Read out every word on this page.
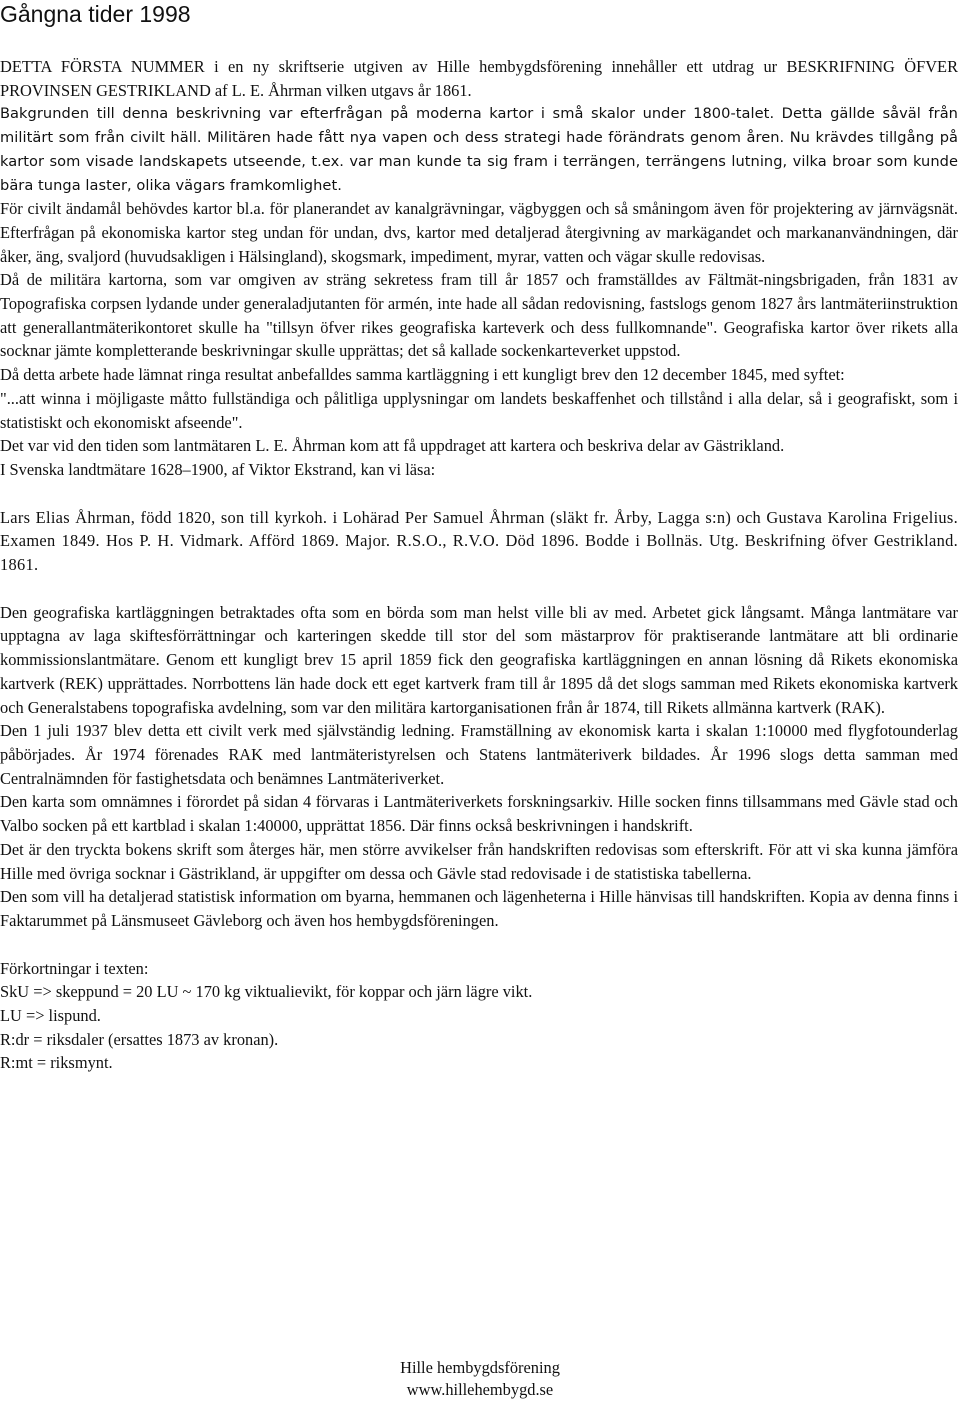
Gångna tider 1998

DETTA FÖRSTA NUMMER i en ny skriftserie utgiven av Hille hembygdsförening innehåller ett utdrag ur BESKRIFNING ÖFVER PROVINSEN GESTRIKLAND af L. E. Åhrman vilken utgavs år 1861.

Bakgrunden till denna beskrivning var efterfrågan på moderna kartor i små skalor under 1800-talet. Detta gällde såväl från militärt som från civilt häll. Militären hade fått nya vapen och dess strategi hade förändrats genom åren. Nu krävdes tillgång på kartor som visade landskapets utseende, t.ex. var man kunde ta sig fram i terrängen, terrängens lutning, vilka broar som kunde bära tunga laster, olika vägars framkomlighet.

För civilt ändamål behövdes kartor bl.a. för planerandet av kanalgrävningar, vägbyggen och så småningom även för projektering av järnvägsnät. Efterfrågan på ekonomiska kartor steg undan för undan, dvs, kartor med detaljerad återgivning av markägandet och markananvändningen, där åker, äng, svaljord (huvudsakligen i Hälsingland), skogsmark, impediment, myrar, vatten och vägar skulle redovisas.

Då de militära kartorna, som var omgiven av sträng sekretess fram till år 1857 och framställdes av Fältmät-ningsbrigaden, från 1831 av Topografiska corpsen lydande under generaladjutanten för armén, inte hade all sådan redovisning, fastslogs genom 1827 års lantmäteriinstruktion att generallantmäterikontoret skulle ha "tillsyn öfver rikes geografiska karteverk och dess fullkomnande". Geografiska kartor över rikets alla socknar jämte kompletterande beskrivningar skulle upprättas; det så kallade sockenkarteverket uppstod.

Då detta arbete hade lämnat ringa resultat anbefalldes samma kartläggning i ett kungligt brev den 12 december 1845, med syftet:

"...att winna i möjligaste måtto fullständiga och pålitliga upplysningar om landets beskaffenhet och tillstånd i alla delar, så i geografiskt, som i statistiskt och ekonomiskt afseende".

Det var vid den tiden som lantmätaren L. E. Åhrman kom att få uppdraget att kartera och beskriva delar av Gästrikland.

I Svenska landtmätare 1628–1900, af Viktor Ekstrand, kan vi läsa:

Lars Elias Åhrman, född 1820, son till kyrkoh. i Lohärad Per Samuel Åhrman (släkt fr. Årby, Lagga s:n) och Gustava Karolina Frigelius. Examen 1849. Hos P. H. Vidmark. Afförd 1869. Major. R.S.O., R.V.O. Död 1896. Bodde i Bollnäs. Utg. Beskrifning öfver Gestrikland. 1861.

Den geografiska kartläggningen betraktades ofta som en börda som man helst ville bli av med. Arbetet gick långsamt. Många lantmätare var upptagna av laga skiftesförrättningar och karteringen skedde till stor del som mästarprov för praktiserande lantmätare att bli ordinarie kommissionslantmätare. Genom ett kungligt brev 15 april 1859 fick den geografiska kartläggningen en annan lösning då Rikets ekonomiska kartverk (REK) upprättades. Norrbottens län hade dock ett eget kartverk fram till år 1895 då det slogs samman med Rikets ekonomiska kartverk och Generalstabens topografiska avdelning, som var den militära kartorganisationen från år 1874, till Rikets allmänna kartverk (RAK).

Den 1 juli 1937 blev detta ett civilt verk med självständig ledning. Framställning av ekonomisk karta i skalan 1:10000 med flygfotounderlag påbörjades. År 1974 förenades RAK med lantmäteristyrelsen och Statens lantmäteriverk bildades. År 1996 slogs detta samman med Centralnämnden för fastighetsdata och benämnes Lantmäteriverket.

Den karta som omnämnes i förordet på sidan 4 förvaras i Lantmäteriverkets forskningsarkiv. Hille socken finns tillsammans med Gävle stad och Valbo socken på ett kartblad i skalan 1:40000, upprättat 1856. Där finns också beskrivningen i handskrift.

Det är den tryckta bokens skrift som återges här, men större avvikelser från handskriften redovisas som efterskrift. För att vi ska kunna jämföra Hille med övriga socknar i Gästrikland, är uppgifter om dessa och Gävle stad redovisade i de statistiska tabellerna.

Den som vill ha detaljerad statistisk information om byarna, hemmanen och lägenheterna i Hille hänvisas till handskriften. Kopia av denna finns i Faktarummet på Länsmuseet Gävleborg och även hos hembygdsföreningen.

Förkortningar i texten:

SkU => skeppund = 20 LU ~ 170 kg viktualievikt, för koppar och järn lägre vikt.

LU => lispund.

R:dr = riksdaler (ersattes 1873 av kronan).

R:mt = riksmynt.

Hille hembygdsförening
www.hillehembygd.se
